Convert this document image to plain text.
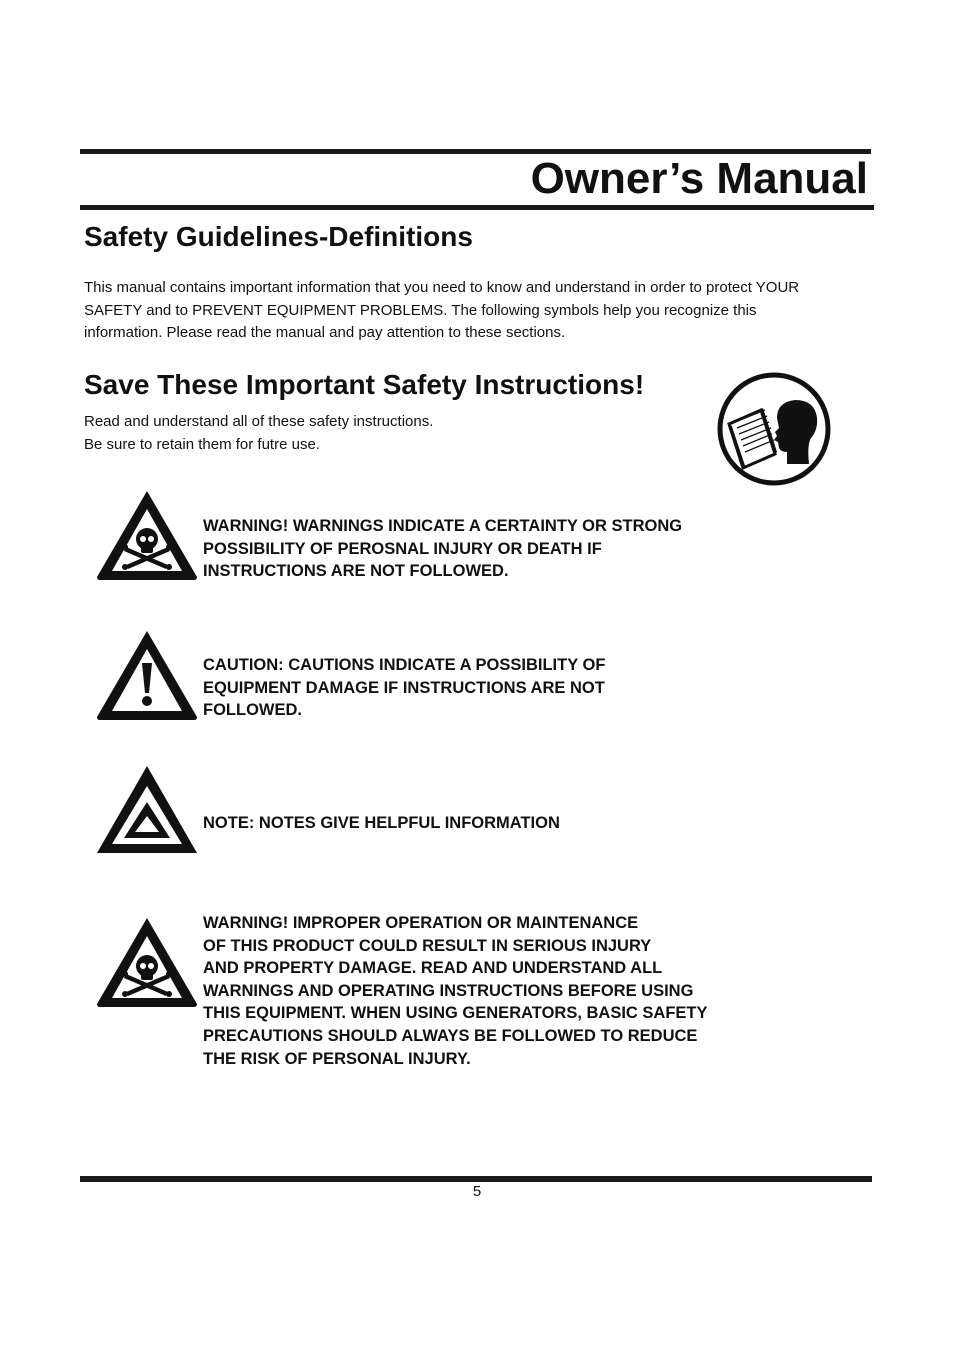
Owner’s Manual
Safety Guidelines-Definitions

This manual contains important information that you need to know and understand in order to protect YOUR
SAFETY and to PREVENT EQUIPMENT PROBLEMS. The following symbols help you recognize this
information. Please read the manual and pay attention to these sections.

Save These Important Safety Instructions!

Read and understand all of these safety instructions.
Be sure to retain them for futre use.

WARNING! WARNINGS INDICATE A CERTAINTY OR STRONG
POSSIBILITY OF PEROSNAL INJURY OR DEATH IF
INSTRUCTIONS ARE NOT FOLLOWED.

CAUTION: CAUTIONS INDICATE A POSSIBILITY OF
EQUIPMENT DAMAGE IF INSTRUCTIONS ARE NOT
FOLLOWED.

NOTE: NOTES GIVE HELPFUL INFORMATION

WARNING! IMPROPER OPERATION OR MAINTENANCE
OF THIS PRODUCT COULD RESULT IN SERIOUS INJURY
AND PROPERTY DAMAGE. READ AND UNDERSTAND ALL
WARNINGS AND OPERATING INSTRUCTIONS BEFORE USING
THIS EQUIPMENT. WHEN USING GENERATORS, BASIC SAFETY
PRECAUTIONS SHOULD ALWAYS BE FOLLOWED TO REDUCE
THE RISK OF PERSONAL INJURY.

5
